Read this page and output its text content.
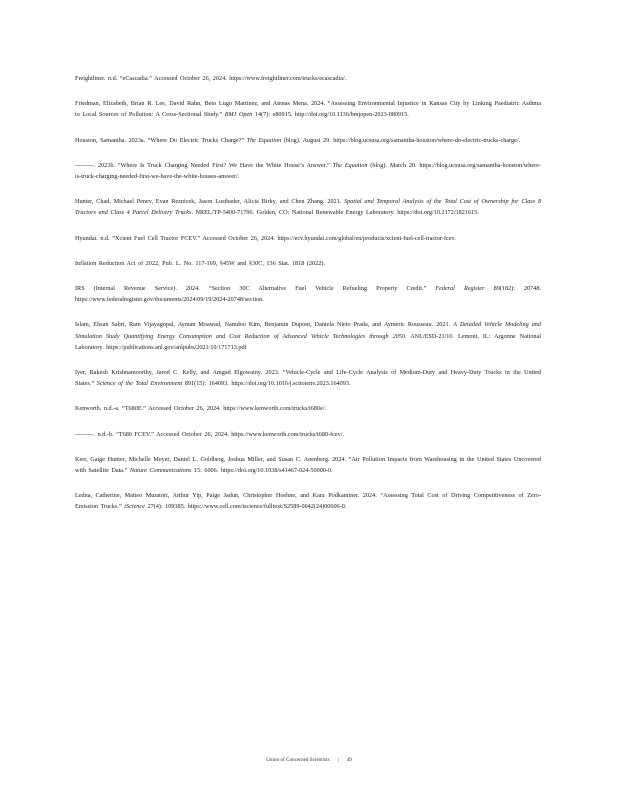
Freightliner. n.d. “eCascadia.” Accessed October 26, 2024. https://www.freightliner.com/trucks/ecascadia/.

Friedman, Elizabeth, Brian R. Lee, David Rahn, Beto Lugo Martinez, and Atenas Mena. 2024. “Assessing Environmental Injustice in Kansas City by Linking Paediatric Asthma to Local Sources of Pollution: A Cross-Sectional Study.” BMJ Open 14(7): e80915. http://doi.org/10.1136/bmjopen-2023-080915.

Houston, Samantha. 2023a. “Where Do Electric Trucks Charge?” The Equation (blog). August 29. https://blog.ucsusa.org/samantha-houston/where-do-electric-trucks-charge/.

———. 2023b. “Where Is Truck Charging Needed First? We Have the White House’s Answer.” The Equation (blog). March 20. https://blog.ucsusa.org/samantha-houston/where-is-truck-charging-needed-first-we-have-the-white-houses-answer/.

Hunter, Chad, Michael Penev, Evan Reznicek, Jason Lustbader, Alicia Birky, and Chen Zhang. 2021. Spatial and Temporal Analysis of the Total Cost of Ownership for Class 8 Tractors and Class 4 Parcel Delivery Trucks. NREL/TP-5400-71796. Golden, CO: National Renewable Energy Laboratory. https://doi.org/10.2172/1821615.

Hyundai. n.d. “Xcient Fuel Cell Tractor FCEV.” Accessed October 26, 2024. https://ecv.hyundai.com/global/en/products/xcient-fuel-cell-tractor-fcev.

Inflation Reduction Act of 2022, Pub. L. No. 117-169, §45W and §30C, 136 Stat. 1818 (2022).

IRS (Internal Revenue Service). 2024. “Section 30C Alternative Fuel Vehicle Refueling Property Credit.” Federal Register 89(182): 20748. https://www.federalregister.gov/documents/2024/09/19/2024-20748/section.

Islam, Ehsan Sabri, Ram Vijayagopal, Ayman Moawad, Namdoo Kim, Benjamin Dupont, Daniela Nieto Prada, and Aymeric Rousseau. 2021. A Detailed Vehicle Modeling and Simulation Study Quantifying Energy Consumption and Cost Reduction of Advanced Vehicle Technologies through 2050. ANL/ESD-21/10. Lemont, IL: Argonne National Laboratory. https://publications.anl.gov/anlpubs/2021/10/171713.pdf

Iyer, Rakesh Krishnamoorthy, Jarod C. Kelly, and Amgad Elgowainy. 2023. “Vehicle-Cycle and Life-Cycle Analysis of Medium-Duty and Heavy-Duty Trucks in the United States.” Science of the Total Environment 891(15): 164093. https://doi.org/10.1016/j.scitotenv.2023.164093.

Kenworth. n.d.-a. “T680E.” Accessed October 26, 2024. https://www.kenworth.com/trucks/t680e/.

———. n.d.-b. “T680 FCEV.” Accessed October 26, 2024. https://www.kenworth.com/trucks/t680-fcev/.

Kerr, Gaige Hunter, Michelle Meyer, Daniel L. Goldberg, Joshua Miller, and Susan C. Anenberg. 2024. “Air Pollution Impacts from Warehousing in the United States Uncovered with Satellite Data.” Nature Communications 15: 6006. https://doi.org/10.1038/s41467-024-50000-0.

Ledna, Catherine, Matteo Muratori, Arthur Yip, Paige Jadun, Christopher Hoehne, and Kara Podkaminer. 2024. “Assessing Total Cost of Driving Competitiveness of Zero-Emission Trucks.” iScience 27(4): 109385. https://www.cell.com/iscience/fulltext/S2589-0042(24)00606-0.

Union of Concerned Scientists | 49
